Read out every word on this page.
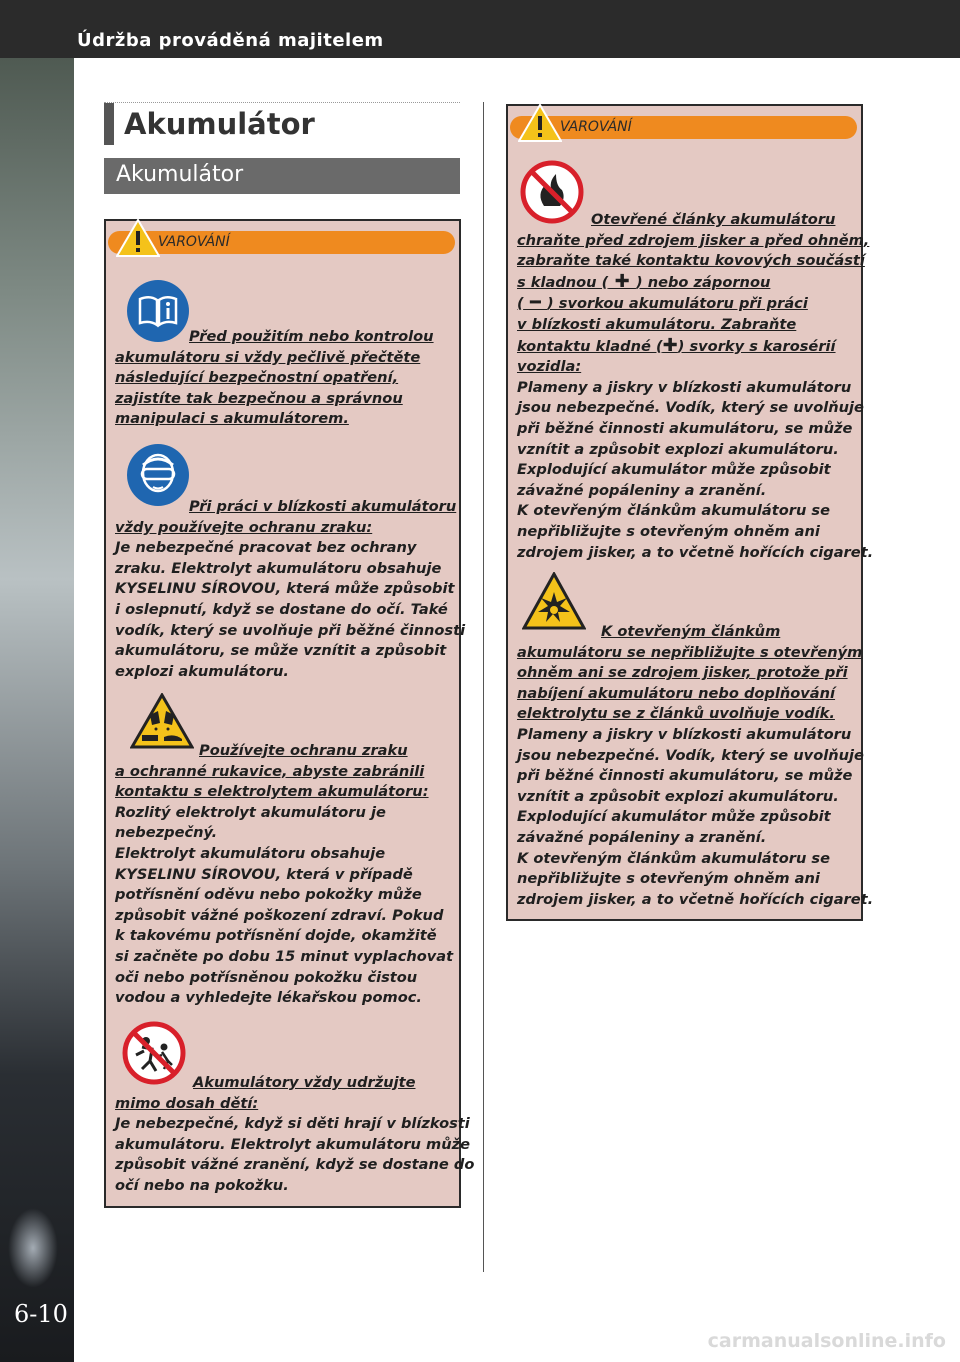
Údržba prováděná majitelem
6-10
Akumulátor
Akumulátor
VAROVÁNÍ
Před použitím nebo kontrolou
akumulátoru si vždy pečlivě přečtěte
následující bezpečnostní opatření,
zajistíte tak bezpečnou a správnou
manipulaci s akumulátorem.
Při práci v blízkosti akumulátoru
vždy používejte ochranu zraku:
Je nebezpečné pracovat bez ochrany
zraku. Elektrolyt akumulátoru obsahuje
KYSELINU SÍROVOU, která může způsobit
i oslepnutí, když se dostane do očí. Také
vodík, který se uvolňuje při běžné činnosti
akumulátoru, se může vznítit a způsobit
explozi akumulátoru.
Používejte ochranu zraku
a ochranné rukavice, abyste zabránili
kontaktu s elektrolytem akumulátoru:
Rozlitý elektrolyt akumulátoru je
nebezpečný.
Elektrolyt akumulátoru obsahuje
KYSELINU SÍROVOU, která v případě
potřísnění oděvu nebo pokožky může
způsobit vážné poškození zdraví. Pokud
k takovému potřísnění dojde, okamžitě
si začněte po dobu 15 minut vyplachovat
oči nebo potřísněnou pokožku čistou
vodou a vyhledejte lékařskou pomoc.
Akumulátory vždy udržujte
mimo dosah dětí:
Je nebezpečné, když si děti hrají v blízkosti
akumulátoru. Elektrolyt akumulátoru může
způsobit vážné zranění, když se dostane do
očí nebo na pokožku.
VAROVÁNÍ
Otevřené články akumulátoru
chraňte před zdrojem jisker a před ohněm,
zabraňte také kontaktu kovových součástí
s kladnou ( ✚ ) nebo zápornou
( ━ ) svorkou akumulátoru při práci
v blízkosti akumulátoru. Zabraňte
kontaktu kladné (✚) svorky s karosérií
vozidla:
Plameny a jiskry v blízkosti akumulátoru
jsou nebezpečné. Vodík, který se uvolňuje
při běžné činnosti akumulátoru, se může
vznítit a způsobit explozi akumulátoru.
Explodující akumulátor může způsobit
závažné popáleniny a zranění.
K otevřeným článkům akumulátoru se
nepřibližujte s otevřeným ohněm ani
zdrojem jisker, a to včetně hořících cigaret.
K otevřeným článkům
akumulátoru se nepřibližujte s otevřeným
ohněm ani se zdrojem jisker, protože při
nabíjení akumulátoru nebo doplňování
elektrolytu se z článků uvolňuje vodík.
Plameny a jiskry v blízkosti akumulátoru
jsou nebezpečné. Vodík, který se uvolňuje
při běžné činnosti akumulátoru, se může
vznítit a způsobit explozi akumulátoru.
Explodující akumulátor může způsobit
závažné popáleniny a zranění.
K otevřeným článkům akumulátoru se
nepřibližujte s otevřeným ohněm ani
zdrojem jisker, a to včetně hořících cigaret.
carmanualsonline.info
